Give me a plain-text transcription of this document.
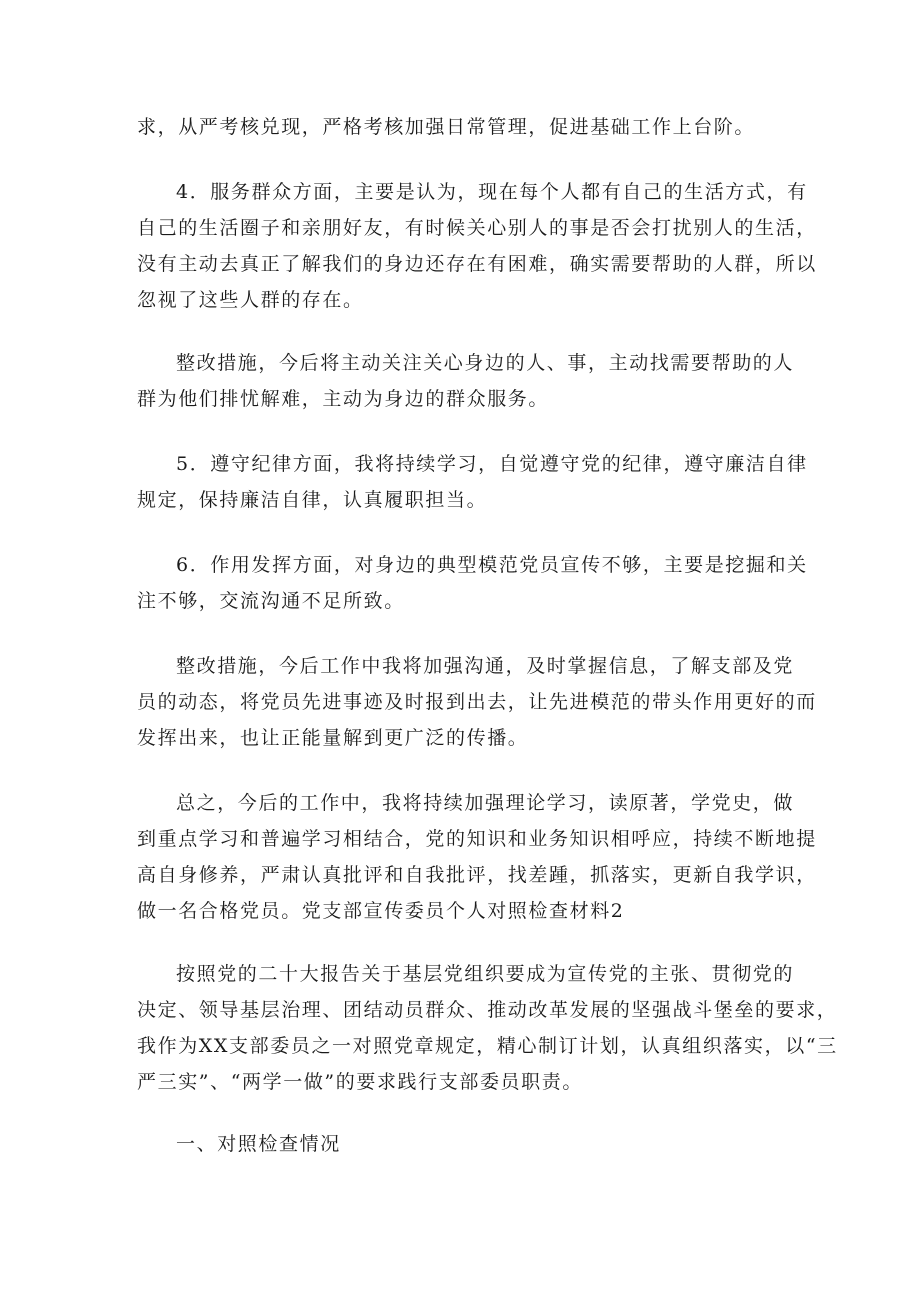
求，从严考核兑现，严格考核加强日常管理，促进基础工作上台阶。
4．服务群众方面，主要是认为，现在每个人都有自己的生活方式，有
自己的生活圈子和亲朋好友，有时候关心别人的事是否会打扰别人的生活，
没有主动去真正了解我们的身边还存在有困难，确实需要帮助的人群，所以
忽视了这些人群的存在。
整改措施，今后将主动关注关心身边的人、事，主动找需要帮助的人
群为他们排忧解难，主动为身边的群众服务。
5．遵守纪律方面，我将持续学习，自觉遵守党的纪律，遵守廉洁自律
规定，保持廉洁自律，认真履职担当。
6．作用发挥方面，对身边的典型模范党员宣传不够，主要是挖掘和关
注不够，交流沟通不足所致。
整改措施，今后工作中我将加强沟通，及时掌握信息，了解支部及党
员的动态，将党员先进事迹及时报到出去，让先进模范的带头作用更好的而
发挥出来，也让正能量解到更广泛的传播。
总之，今后的工作中，我将持续加强理论学习，读原著，学党史，做
到重点学习和普遍学习相结合，党的知识和业务知识相呼应，持续不断地提
高自身修养，严肃认真批评和自我批评，找差踵，抓落实，更新自我学识，
做一名合格党员。党支部宣传委员个人对照检查材料2
按照党的二十大报告关于基层党组织要成为宣传党的主张、贯彻党的
决定、领导基层治理、团结动员群众、推动改革发展的坚强战斗堡垒的要求，
我作为XX支部委员之一对照党章规定，精心制订计划，认真组织落实，以“三
严三实”、“两学一做”的要求践行支部委员职责。
一、对照检查情况
